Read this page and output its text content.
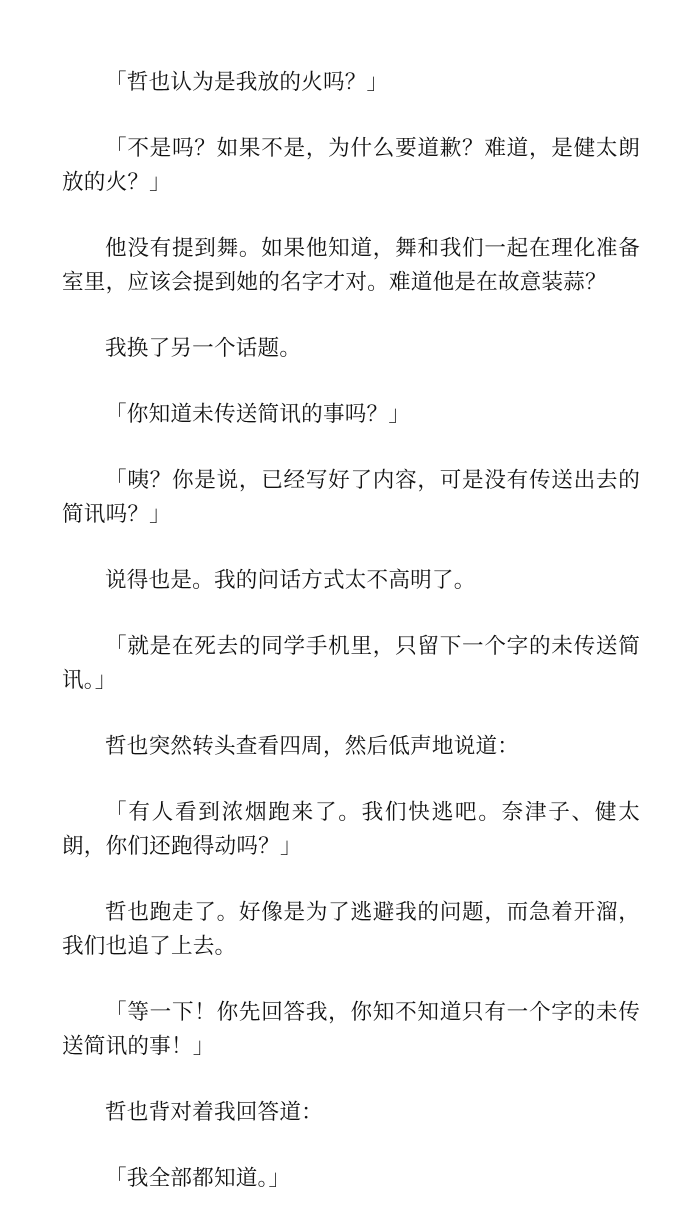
「哲也认为是我放的火吗？」

「不是吗？如果不是，为什么要道歉？难道，是健太朗放的火？」

他没有提到舞。如果他知道，舞和我们一起在理化准备室里，应该会提到她的名字才对。难道他是在故意装蒜？

我换了另一个话题。

「你知道未传送简讯的事吗？」

「咦？你是说，已经写好了内容，可是没有传送出去的简讯吗？」

说得也是。我的问话方式太不高明了。

「就是在死去的同学手机里，只留下一个字的未传送简讯。」

哲也突然转头查看四周，然后低声地说道：

「有人看到浓烟跑来了。我们快逃吧。奈津子、健太朗，你们还跑得动吗？」

哲也跑走了。好像是为了逃避我的问题，而急着开溜，我们也追了上去。

「等一下！你先回答我，你知不知道只有一个字的未传送简讯的事！」

哲也背对着我回答道：

「我全部都知道。」
